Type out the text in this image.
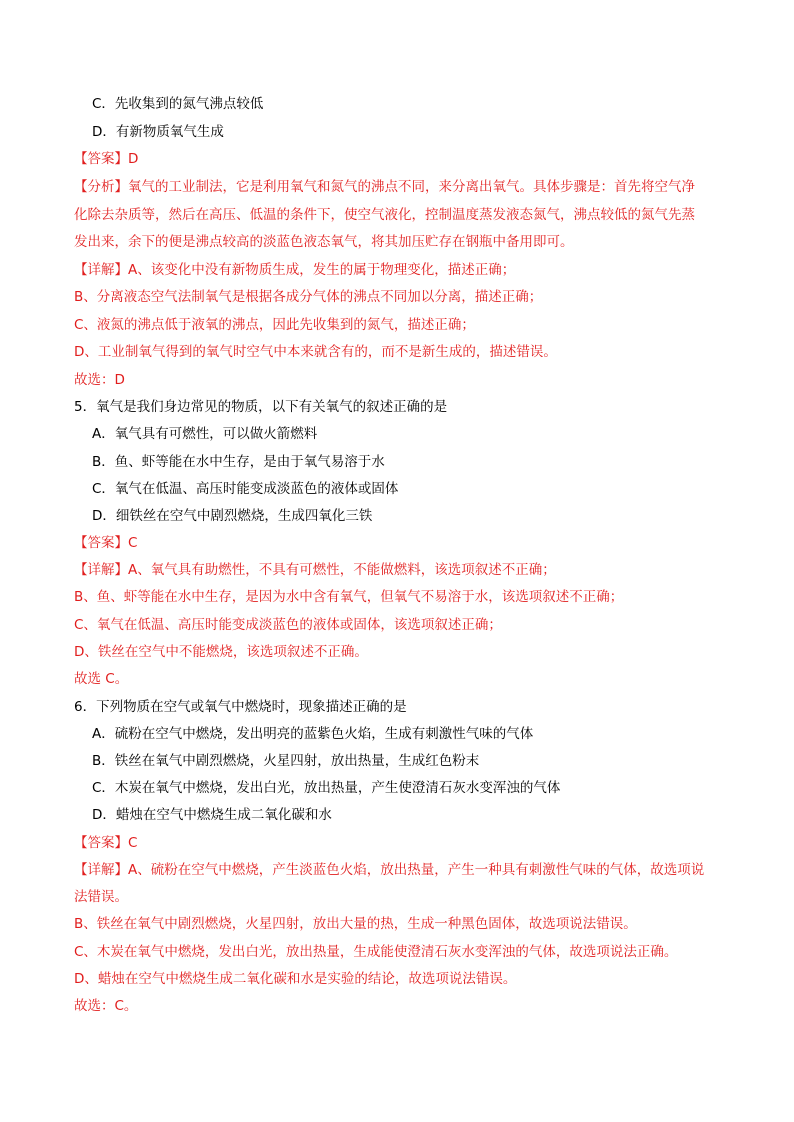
C．先收集到的氮气沸点较低
D．有新物质氧气生成
【答案】D
【分析】氧气的工业制法，它是利用氧气和氮气的沸点不同，来分离出氧气。具体步骤是：首先将空气净
化除去杂质等，然后在高压、低温的条件下，使空气液化，控制温度蒸发液态氮气，沸点较低的氮气先蒸
发出来，余下的便是沸点较高的淡蓝色液态氧气，将其加压贮存在钢瓶中备用即可。
【详解】A、该变化中没有新物质生成，发生的属于物理变化，描述正确；
B、分离液态空气法制氧气是根据各成分气体的沸点不同加以分离，描述正确；
C、液氮的沸点低于液氧的沸点，因此先收集到的氮气，描述正确；
D、工业制氧气得到的氧气时空气中本来就含有的，而不是新生成的，描述错误。
故选：D
5．氧气是我们身边常见的物质，以下有关氧气的叙述正确的是
A．氧气具有可燃性，可以做火箭燃料
B．鱼、虾等能在水中生存，是由于氧气易溶于水
C．氧气在低温、高压时能变成淡蓝色的液体或固体
D．细铁丝在空气中剧烈燃烧，生成四氧化三铁
【答案】C
【详解】A、氧气具有助燃性，不具有可燃性，不能做燃料，该选项叙述不正确；
B、鱼、虾等能在水中生存，是因为水中含有氧气，但氧气不易溶于水，该选项叙述不正确；
C、氧气在低温、高压时能变成淡蓝色的液体或固体，该选项叙述正确；
D、铁丝在空气中不能燃烧，该选项叙述不正确。
故选 C。
6．下列物质在空气或氧气中燃烧时，现象描述正确的是
A．硫粉在空气中燃烧，发出明亮的蓝紫色火焰，生成有刺激性气味的气体
B．铁丝在氧气中剧烈燃烧，火星四射，放出热量，生成红色粉末
C．木炭在氧气中燃烧，发出白光，放出热量，产生使澄清石灰水变浑浊的气体
D．蜡烛在空气中燃烧生成二氧化碳和水
【答案】C
【详解】A、硫粉在空气中燃烧，产生淡蓝色火焰，放出热量，产生一种具有刺激性气味的气体，故选项说
法错误。
B、铁丝在氧气中剧烈燃烧，火星四射，放出大量的热，生成一种黑色固体，故选项说法错误。
C、木炭在氧气中燃烧，发出白光，放出热量，生成能使澄清石灰水变浑浊的气体，故选项说法正确。
D、蜡烛在空气中燃烧生成二氧化碳和水是实验的结论，故选项说法错误。
故选：C。
